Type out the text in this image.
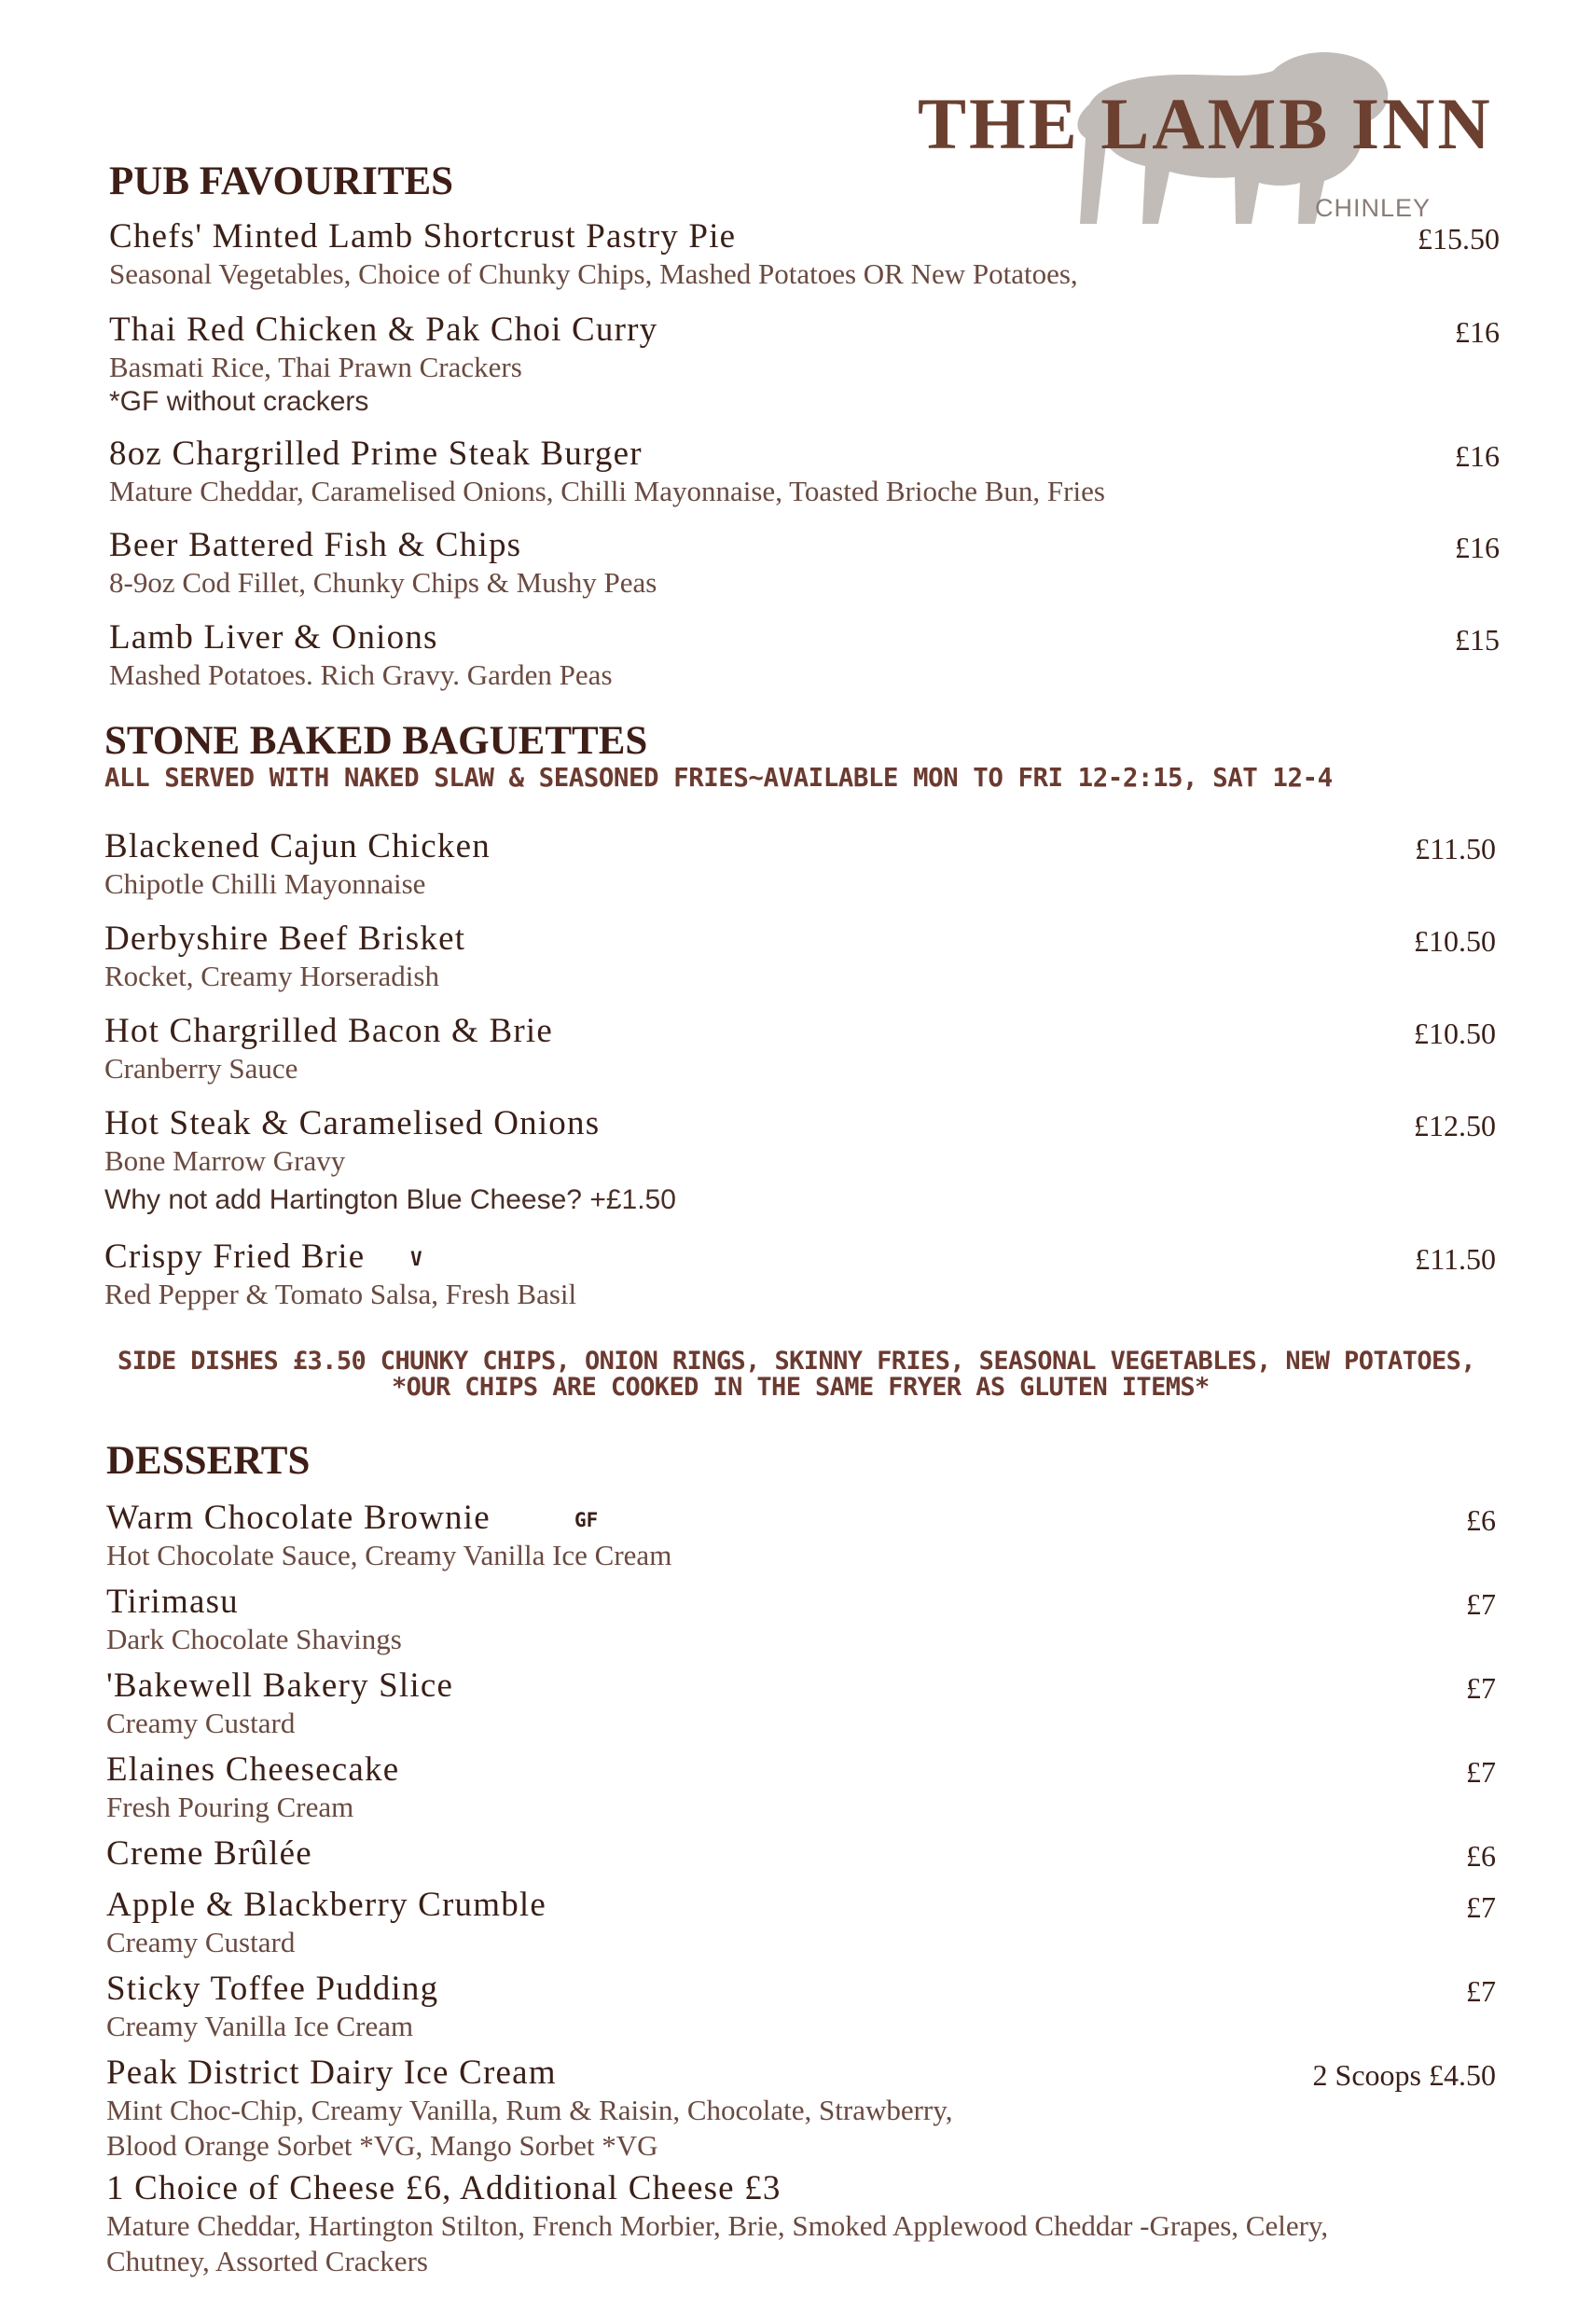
THE LAMB INN
CHINLEY
PUB FAVOURITES
Chefs' Minted Lamb Shortcrust Pastry Pie
Seasonal Vegetables, Choice of Chunky Chips, Mashed Potatoes OR New Potatoes,
£15.50
Thai Red Chicken & Pak Choi Curry
Basmati Rice, Thai Prawn Crackers
*GF without crackers
£16
8oz Chargrilled Prime Steak Burger
Mature Cheddar, Caramelised Onions, Chilli Mayonnaise, Toasted Brioche Bun, Fries
£16
Beer Battered Fish & Chips
8-9oz Cod Fillet, Chunky Chips & Mushy Peas
£16
Lamb Liver & Onions
Mashed Potatoes. Rich Gravy. Garden Peas
£15
STONE BAKED BAGUETTES
ALL SERVED WITH NAKED SLAW & SEASONED FRIES~AVAILABLE MON TO FRI 12-2:15, SAT 12-4
Blackened Cajun Chicken
Chipotle Chilli Mayonnaise
£11.50
Derbyshire Beef Brisket
Rocket, Creamy Horseradish
£10.50
Hot Chargrilled Bacon & Brie
Cranberry Sauce
£10.50
Hot Steak & Caramelised Onions
Bone Marrow Gravy
Why not add Hartington Blue Cheese? +£1.50
£12.50
Crispy Fried Brie V
Red Pepper & Tomato Salsa, Fresh Basil
£11.50
SIDE DISHES £3.50 CHUNKY CHIPS, ONION RINGS, SKINNY FRIES, SEASONAL VEGETABLES, NEW POTATOES,
*OUR CHIPS ARE COOKED IN THE SAME FRYER AS GLUTEN ITEMS*
DESSERTS
Warm Chocolate Brownie	GF
Hot Chocolate Sauce, Creamy Vanilla Ice Cream
£6
Tirimasu
Dark Chocolate Shavings
£7
'Bakewell Bakery Slice
Creamy Custard
£7
Elaines Cheesecake
Fresh Pouring Cream
£7
Creme Brûlée	£6
Apple & Blackberry Crumble
Creamy Custard
£7
Sticky Toffee Pudding
Creamy Vanilla Ice Cream
£7
Peak District Dairy Ice Cream
Mint Choc-Chip, Creamy Vanilla, Rum & Raisin, Chocolate, Strawberry,
Blood Orange Sorbet *VG, Mango Sorbet *VG
2 Scoops £4.50
1 Choice of Cheese £6, Additional Cheese £3
Mature Cheddar, Hartington Stilton, French Morbier, Brie, Smoked Applewood Cheddar -Grapes, Celery,
Chutney, Assorted Crackers
